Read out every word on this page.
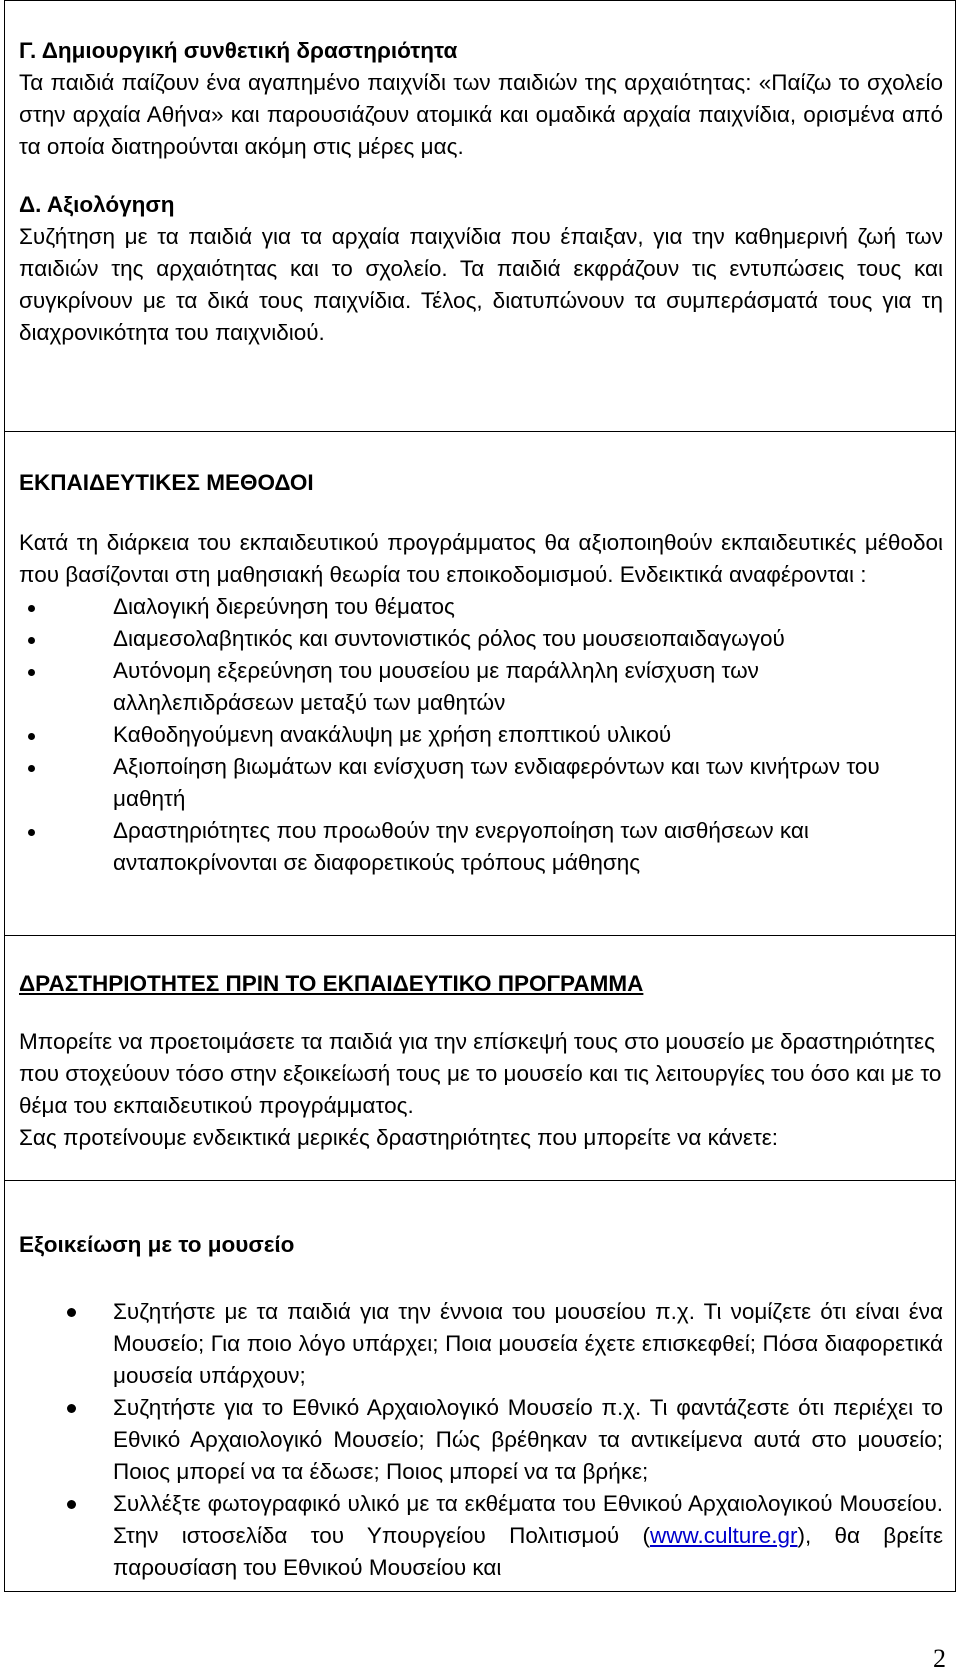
Γ. Δημιουργική συνθετική δραστηριότητα

Τα παιδιά παίζουν ένα αγαπημένο παιχνίδι των παιδιών της αρχαιότητας: «Παίζω το σχολείο στην αρχαία Αθήνα» και παρουσιάζουν ατομικά και ομαδικά αρχαία παιχνίδια, ορισμένα από τα οποία διατηρούνται ακόμη στις μέρες μας.

Δ. Αξιολόγηση

Συζήτηση με τα παιδιά για τα αρχαία παιχνίδια που έπαιξαν, για την καθημερινή ζωή των παιδιών της αρχαιότητας και το σχολείο. Τα παιδιά εκφράζουν τις εντυπώσεις τους και συγκρίνουν με τα δικά τους παιχνίδια. Τέλος, διατυπώνουν τα συμπεράσματά τους για τη διαχρονικότητα του παιχνιδιού.

ΕΚΠΑΙΔΕΥΤΙΚΕΣ ΜΕΘΟΔΟΙ

Κατά τη διάρκεια του εκπαιδευτικού προγράμματος θα αξιοποιηθούν εκπαιδευτικές μέθοδοι που βασίζονται στη μαθησιακή θεωρία του εποικοδομισμού. Ενδεικτικά αναφέρονται :

Διαλογική διερεύνηση του θέματος
Διαμεσολαβητικός και συντονιστικός ρόλος του μουσειοπαιδαγωγού
Αυτόνομη εξερεύνηση του μουσείου με παράλληλη ενίσχυση των αλληλεπιδράσεων μεταξύ των μαθητών
Καθοδηγούμενη ανακάλυψη με χρήση εποπτικού υλικού
Αξιοποίηση βιωμάτων και ενίσχυση των ενδιαφερόντων και των κινήτρων του μαθητή
Δραστηριότητες που προωθούν την ενεργοποίηση των αισθήσεων και ανταποκρίνονται σε διαφορετικούς τρόπους μάθησης

ΔΡΑΣΤΗΡΙΟΤΗΤΕΣ ΠΡΙΝ ΤΟ ΕΚΠΑΙΔΕΥΤΙΚΟ ΠΡΟΓΡΑΜΜΑ

Μπορείτε να προετοιμάσετε τα παιδιά για την επίσκεψή τους στο μουσείο με δραστηριότητες που στοχεύουν τόσο στην εξοικείωσή τους με το μουσείο και τις λειτουργίες του όσο και με το θέμα του εκπαιδευτικού προγράμματος.

Σας προτείνουμε ενδεικτικά μερικές δραστηριότητες που μπορείτε να κάνετε:

Εξοικείωση με το μουσείο

Συζητήστε με τα παιδιά για την έννοια του μουσείου π.χ. Τι νομίζετε ότι είναι ένα Μουσείο; Για ποιο λόγο υπάρχει; Ποια μουσεία έχετε επισκεφθεί; Πόσα διαφορετικά μουσεία υπάρχουν;
Συζητήστε για το Εθνικό Αρχαιολογικό Μουσείο π.χ. Τι φαντάζεστε ότι περιέχει το Εθνικό Αρχαιολογικό Μουσείο; Πώς βρέθηκαν τα αντικείμενα αυτά στο μουσείο; Ποιος μπορεί να τα έδωσε; Ποιος μπορεί να τα βρήκε;
Συλλέξτε φωτογραφικό υλικό με τα εκθέματα του Εθνικού Αρχαιολογικού Μουσείου. Στην ιστοσελίδα του Υπουργείου Πολιτισμού (www.culture.gr), θα βρείτε παρουσίαση του Εθνικού Μουσείου και
2
